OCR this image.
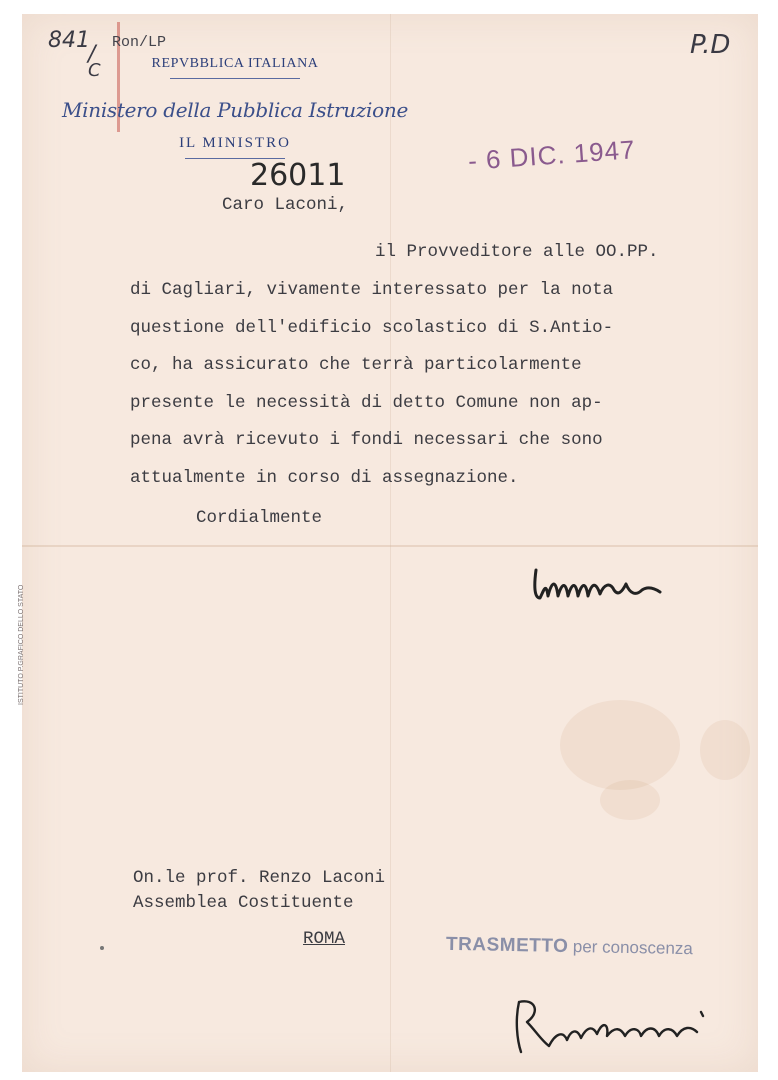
841
/
C
Ron/LP	P.D
REPVBBLICA ITALIANA
Ministero della Pubblica Istruzione
IL MINISTRO
26011	- 6 DIC. 1947
Caro Laconi,
il Provveditore alle OO.PP.
di Cagliari, vivamente interessato per la nota
questione dell'edificio scolastico di S.Antio-
co, ha assicurato che terrà particolarmente
presente le necessità di detto Comune non ap-
pena avrà ricevuto i fondi necessari che sono
attualmente in corso di assegnazione.
Cordialmente
On.le prof. Renzo Laconi
Assemblea Costituente
ROMA	TRASMETTO per conoscenza
ISTITUTO P.GRAFICO DELLO STATO
